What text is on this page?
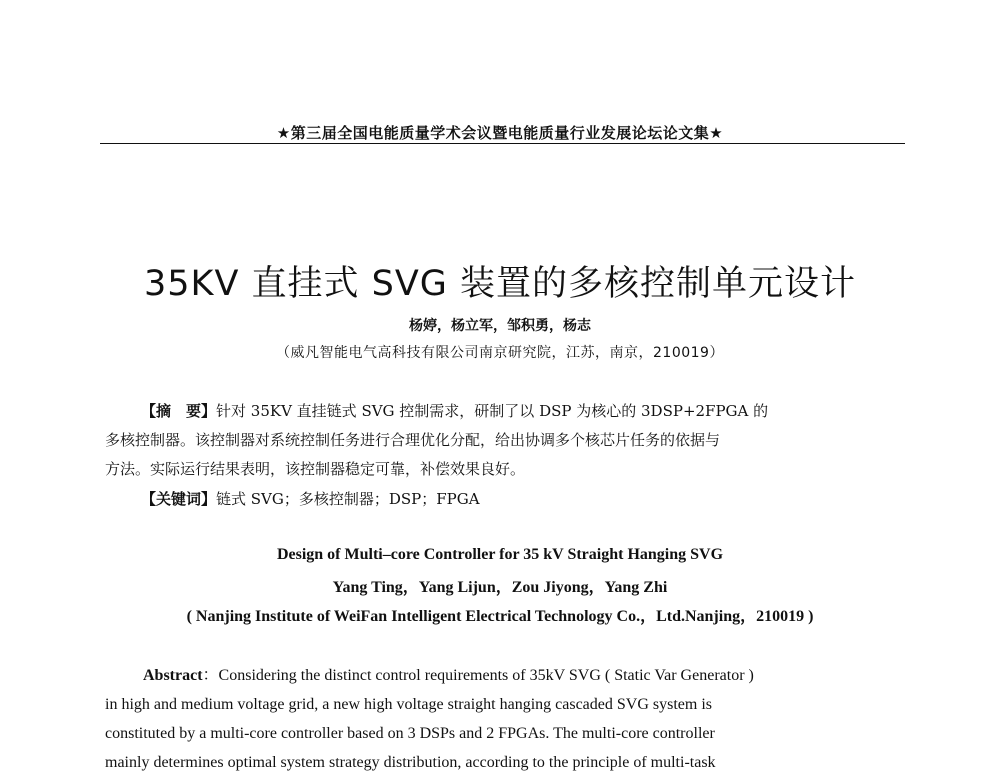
★第三届全国电能质量学术会议暨电能质量行业发展论坛论文集★
35KV 直挂式 SVG 装置的多核控制单元设计
杨婷，杨立军，邹积勇，杨志
（威凡智能电气高科技有限公司南京研究院，江苏，南京，210019）
【摘　要】针对 35KV 直挂链式 SVG 控制需求，研制了以 DSP 为核心的 3DSP+2FPGA 的
多核控制器。该控制器对系统控制任务进行合理优化分配，给出协调多个核芯片任务的依据与
方法。实际运行结果表明，该控制器稳定可靠，补偿效果良好。
【关键词】链式 SVG；多核控制器；DSP；FPGA
Design of Multi–core Controller for 35 kV Straight Hanging SVG
Yang Ting，Yang Lijun，Zou Jiyong，Yang Zhi
( Nanjing Institute of WeiFan Intelligent Electrical Technology Co.，Ltd.Nanjing，210019 )
Abstract：Considering the distinct control requirements of 35kV SVG ( Static Var Generator )
in high and medium voltage grid, a new high voltage straight hanging cascaded SVG system is
constituted by a multi-core controller based on 3 DSPs and 2 FPGAs. The multi-core controller
mainly determines optimal system strategy distribution, according to the principle of multi-task
